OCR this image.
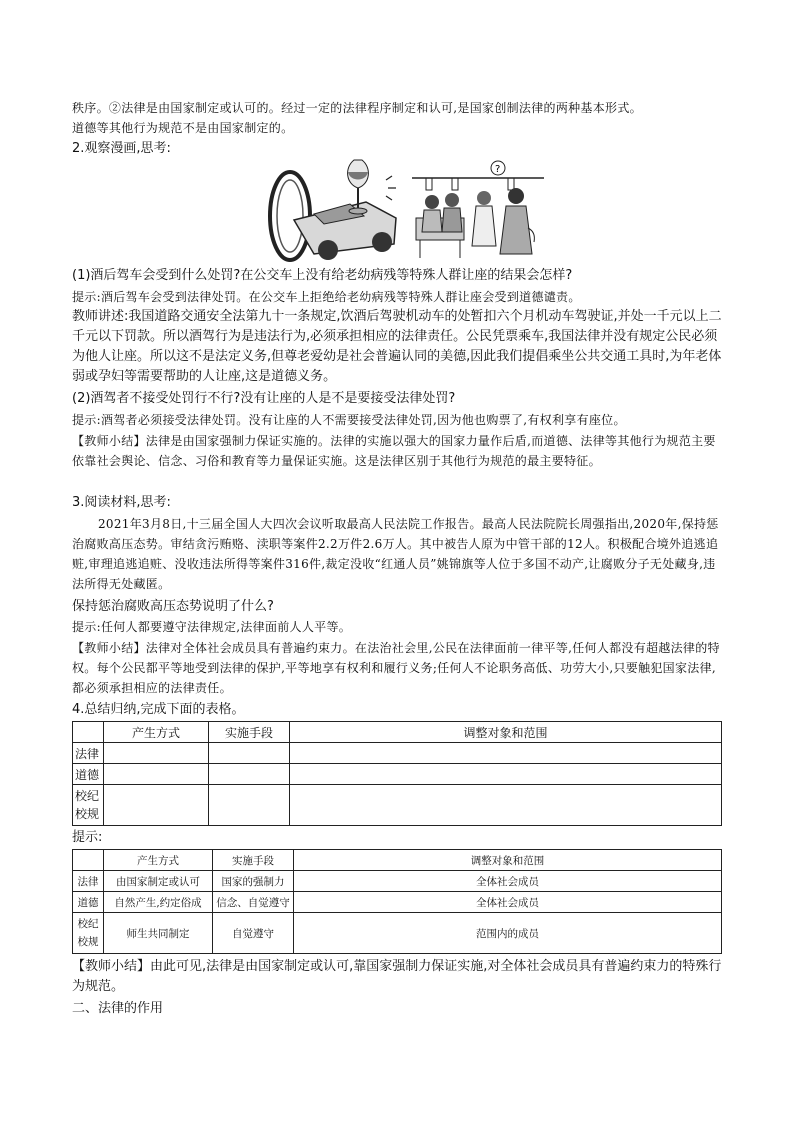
秩序。②法律是由国家制定或认可的。经过一定的法律程序制定和认可,是国家创制法律的两种基本形式。
道德等其他行为规范不是由国家制定的。
2.观察漫画,思考:
?
(1)酒后驾车会受到什么处罚?在公交车上没有给老幼病残等特殊人群让座的结果会怎样?
提示:酒后驾车会受到法律处罚。在公交车上拒绝给老幼病残等特殊人群让座会受到道德谴责。
教师讲述:我国道路交通安全法第九十一条规定,饮酒后驾驶机动车的处暂扣六个月机动车驾驶证,并处一千元以上二千元以下罚款。所以酒驾行为是违法行为,必须承担相应的法律责任。公民凭票乘车,我国法律并没有规定公民必须为他人让座。所以这不是法定义务,但尊老爱幼是社会普遍认同的美德,因此我们提倡乘坐公共交通工具时,为年老体弱或孕妇等需要帮助的人让座,这是道德义务。
(2)酒驾者不接受处罚行不行?没有让座的人是不是要接受法律处罚?
提示:酒驾者必须接受法律处罚。没有让座的人不需要接受法律处罚,因为他也购票了,有权利享有座位。
【教师小结】法律是由国家强制力保证实施的。法律的实施以强大的国家力量作后盾,而道德、法律等其他行为规范主要依靠社会舆论、信念、习俗和教育等力量保证实施。这是法律区别于其他行为规范的最主要特征。
3.阅读材料,思考:
2021年3月8日,十三届全国人大四次会议听取最高人民法院工作报告。最高人民法院院长周强指出,2020年,保持惩治腐败高压态势。审结贪污贿赂、渎职等案件2.2万件2.6万人。其中被告人原为中管干部的12人。积极配合境外追逃追赃,审理追逃追赃、没收违法所得等案件316件,裁定没收“红通人员”姚锦旗等人位于多国不动产,让腐败分子无处藏身,违法所得无处藏匿。
保持惩治腐败高压态势说明了什么?
提示:任何人都要遵守法律规定,法律面前人人平等。
【教师小结】法律对全体社会成员具有普遍约束力。在法治社会里,公民在法律面前一律平等,任何人都没有超越法律的特权。每个公民都平等地受到法律的保护,平等地享有权利和履行义务;任何人不论职务高低、功劳大小,只要触犯国家法律,都必须承担相应的法律责任。
4.总结归纳,完成下面的表格。
	产生方式	实施手段	调整对象和范围
法律			
道德			
校纪校规			
提示:
	产生方式	实施手段	调整对象和范围
法律	由国家制定或认可	国家的强制力	全体社会成员
道德	自然产生,约定俗成	信念、自觉遵守	全体社会成员
校纪校规	师生共同制定	自觉遵守	范围内的成员
【教师小结】由此可见,法律是由国家制定或认可,靠国家强制力保证实施,对全体社会成员具有普遍约束力的特殊行为规范。
二、法律的作用
